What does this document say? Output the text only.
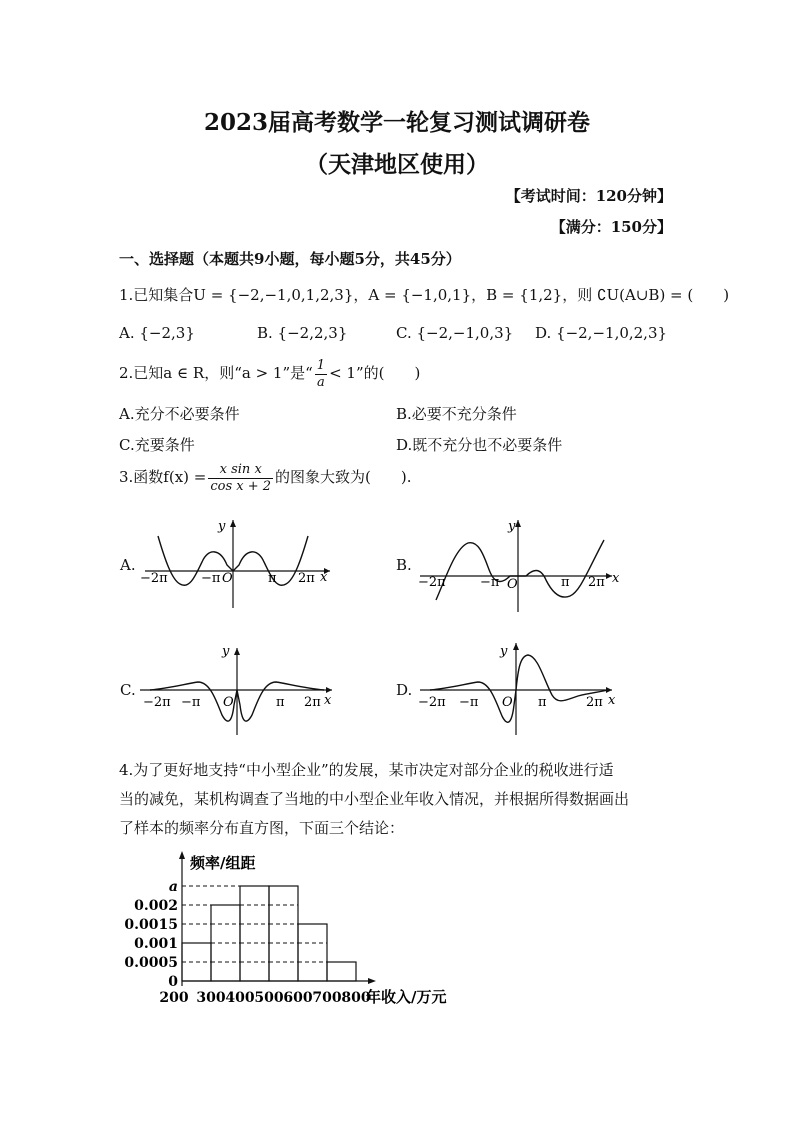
2023届高考数学一轮复习测试调研卷
（天津地区使用）
【考试时间：120分钟】
【满分：150分】
一、选择题（本题共9小题，每小题5分，共45分）
1.已知集合U = {−2,−1,0,1,2,3}，A = {−1,0,1}，B = {1,2}，则 ∁U(A∪B) = (　　)
A. {−2,3}	B. {−2,2,3}	C. {−2,−1,0,3} D. {−2,−1,0,2,3}
2.已知a ∈ R，则“a > 1”是“ $\frac{1}{a} < 1$”的(　　)
A.充分不必要条件	B.必要不充分条件
C.充要条件	D.既不充分也不必要条件
3.函数$f(x) = \frac{\text{x sin x}}{\text{cos x + 2}}$ 的图象大致为(　　).
A.	B.
C.	D.
−2π	−π O	π 2π x
y
−2π	−π O	π 2π x
y
−2π −π O	π 2π x
y
−2π −π O π	2π x
y
4.为了更好地支持“中小型企业”的发展，某市决定对部分企业的税收进行适
当的减免，某机构调查了当地的中小型企业年收入情况，并根据所得数据画出
了样本的频率分布直方图，下面三个结论：
频率/组距
年收入/万元
a
0.002
0.0015
0.001
0.0005
0
200 300 400 500 600 700 800
